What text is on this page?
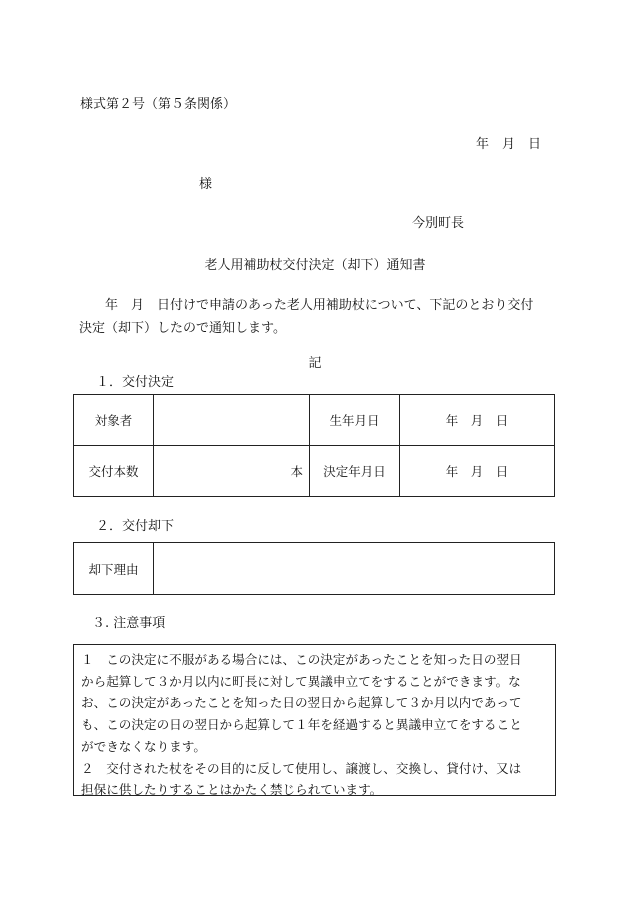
様式第２号（第５条関係）
年　月　日
様
今別町長
老人用補助杖交付決定（却下）通知書
　　年　月　日付けで申請のあった老人用補助杖について、下記のとおり交付
決定（却下）したので通知します。
記
１．交付決定
対象者		生年月日	年　月　日
交付本数	本	決定年月日	年　月　日
２．交付却下
却下理由	
３. 注意事項
１　この決定に不服がある場合には、この決定があったことを知った日の翌日
から起算して３か月以内に町長に対して異議申立てをすることができます。な
お、この決定があったことを知った日の翌日から起算して３か月以内であって
も、この決定の日の翌日から起算して１年を経過すると異議申立てをすること
ができなくなります。
２　交付された杖をその目的に反して使用し、譲渡し、交換し、貸付け、又は
担保に供したりすることはかたく禁じられています。
